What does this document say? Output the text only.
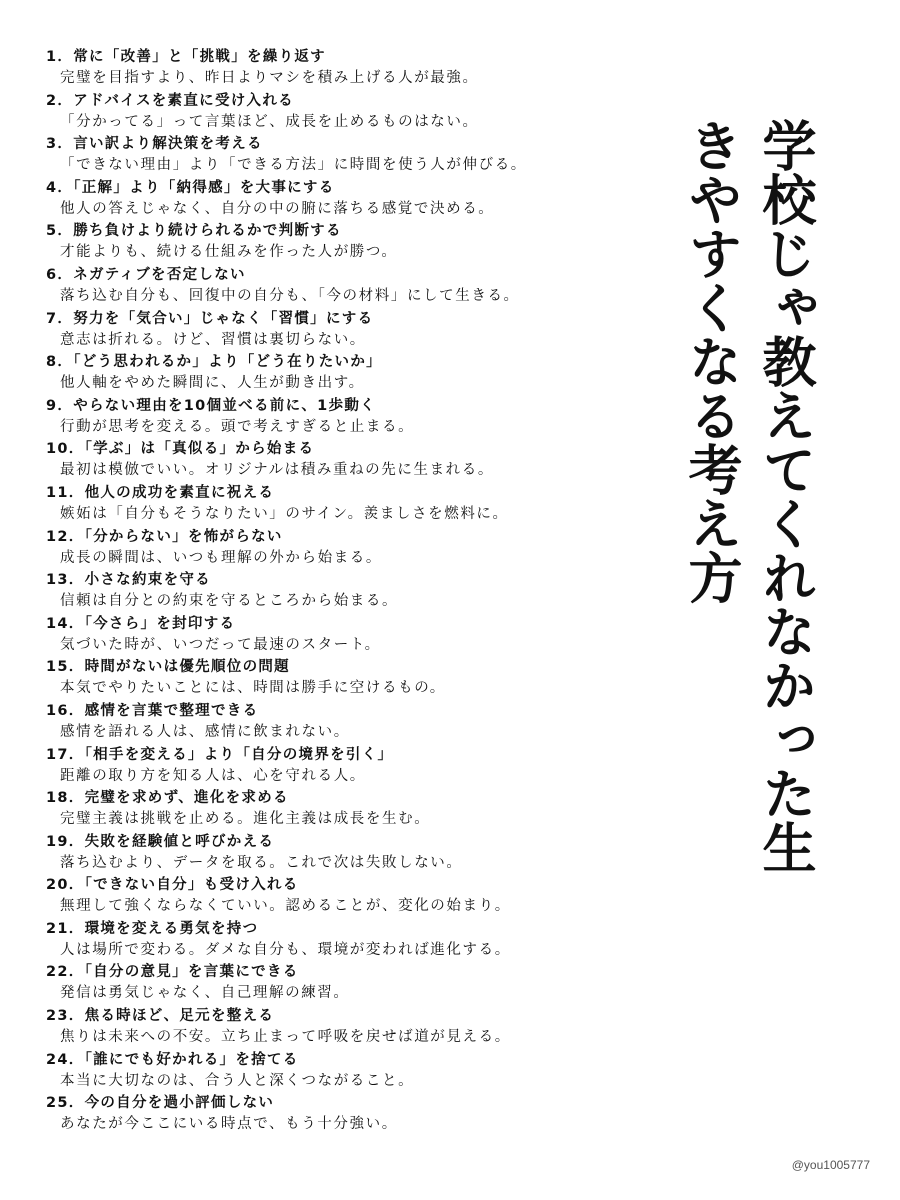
1．常に「改善」と「挑戦」を繰り返す
完璧を目指すより、昨日よりマシを積み上げる人が最強。
2．アドバイスを素直に受け入れる
「分かってる」って言葉ほど、成長を止めるものはない。
3．言い訳より解決策を考える
「できない理由」より「できる方法」に時間を使う人が伸びる。
4．「正解」より「納得感」を大事にする
他人の答えじゃなく、自分の中の腑に落ちる感覚で決める。
5．勝ち負けより続けられるかで判断する
才能よりも、続ける仕組みを作った人が勝つ。
6．ネガティブを否定しない
落ち込む自分も、回復中の自分も、「今の材料」にして生きる。
7．努力を「気合い」じゃなく「習慣」にする
意志は折れる。けど、習慣は裏切らない。
8．「どう思われるか」より「どう在りたいか」
他人軸をやめた瞬間に、人生が動き出す。
9．やらない理由を10個並べる前に、1歩動く
行動が思考を変える。頭で考えすぎると止まる。
10．「学ぶ」は「真似る」から始まる
最初は模倣でいい。オリジナルは積み重ねの先に生まれる。
11．他人の成功を素直に祝える
嫉妬は「自分もそうなりたい」のサイン。羨ましさを燃料に。
12．「分からない」を怖がらない
成長の瞬間は、いつも理解の外から始まる。
13．小さな約束を守る
信頼は自分との約束を守るところから始まる。
14．「今さら」を封印する
気づいた時が、いつだって最速のスタート。
15．時間がないは優先順位の問題
本気でやりたいことには、時間は勝手に空けるもの。
16．感情を言葉で整理できる
感情を語れる人は、感情に飲まれない。
17．「相手を変える」より「自分の境界を引く」
距離の取り方を知る人は、心を守れる人。
18．完璧を求めず、進化を求める
完璧主義は挑戦を止める。進化主義は成長を生む。
19．失敗を経験値と呼びかえる
落ち込むより、データを取る。これで次は失敗しない。
20．「できない自分」も受け入れる
無理して強くならなくていい。認めることが、変化の始まり。
21．環境を変える勇気を持つ
人は場所で変わる。ダメな自分も、環境が変われば進化する。
22．「自分の意見」を言葉にできる
発信は勇気じゃなく、自己理解の練習。
23．焦る時ほど、足元を整える
焦りは未来への不安。立ち止まって呼吸を戻せば道が見える。
24．「誰にでも好かれる」を捨てる
本当に大切なのは、合う人と深くつながること。
25．今の自分を過小評価しない
あなたが今ここにいる時点で、もう十分強い。
学校じゃ教えてくれなかった生きやすくなる考え方
@you1005777
